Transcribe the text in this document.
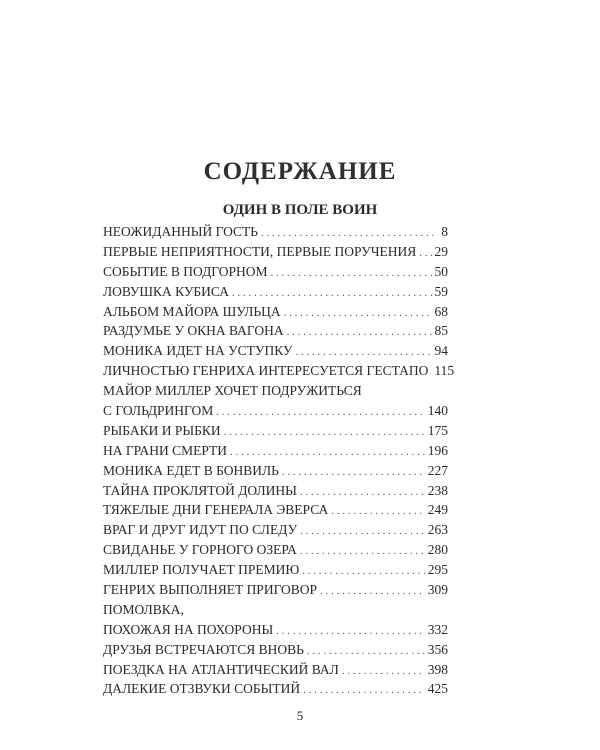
СОДЕРЖАНИЕ
ОДИН В ПОЛЕ ВОИН
НЕОЖИДАННЫЙ ГОСТЬ . . .	8
ПЕРВЫЕ НЕПРИЯТНОСТИ, ПЕРВЫЕ ПОРУЧЕНИЯ . . . 29
СОБЫТИЕ В ПОДГОРНОМ . . .	50
ЛОВУШКА КУБИСА . . .	59
АЛЬБОМ МАЙОРА ШУЛЬЦА . . .	68
РАЗДУМЬЕ У ОКНА ВАГОНА . . .	85
МОНИКА ИДЕТ НА УСТУПКУ . . .	94
ЛИЧНОСТЬЮ ГЕНРИХА ИНТЕРЕСУЕТСЯ ГЕСТАПО 115
МАЙОР МИЛЛЕР ХОЧЕТ ПОДРУЖИТЬСЯ
С ГОЛЬДРИНГОМ . . .	140
РЫБАКИ И РЫБКИ . . .	175
НА ГРАНИ СМЕРТИ . . .	196
МОНИКА ЕДЕТ В БОНВИЛЬ . . .	227
ТАЙНА ПРОКЛЯТОЙ ДОЛИНЫ . . .	238
ТЯЖЕЛЫЕ ДНИ ГЕНЕРАЛА ЭВЕРСА . . .	249
ВРАГ И ДРУГ ИДУТ ПО СЛЕДУ . . .	263
СВИДАНЬЕ У ГОРНОГО ОЗЕРА . . .	280
МИЛЛЕР ПОЛУЧАЕТ ПРЕМИЮ . . .	295
ГЕНРИХ ВЫПОЛНЯЕТ ПРИГОВОР . . .	309
ПОМОЛВКА,
ПОХОЖАЯ НА ПОХОРОНЫ . . .	332
ДРУЗЬЯ ВСТРЕЧАЮТСЯ ВНОВЬ . . .	356
ПОЕЗДКА НА АТЛАНТИЧЕСКИЙ ВАЛ . . .	398
ДАЛЕКИЕ ОТЗВУКИ СОБЫТИЙ . . .	425
5
